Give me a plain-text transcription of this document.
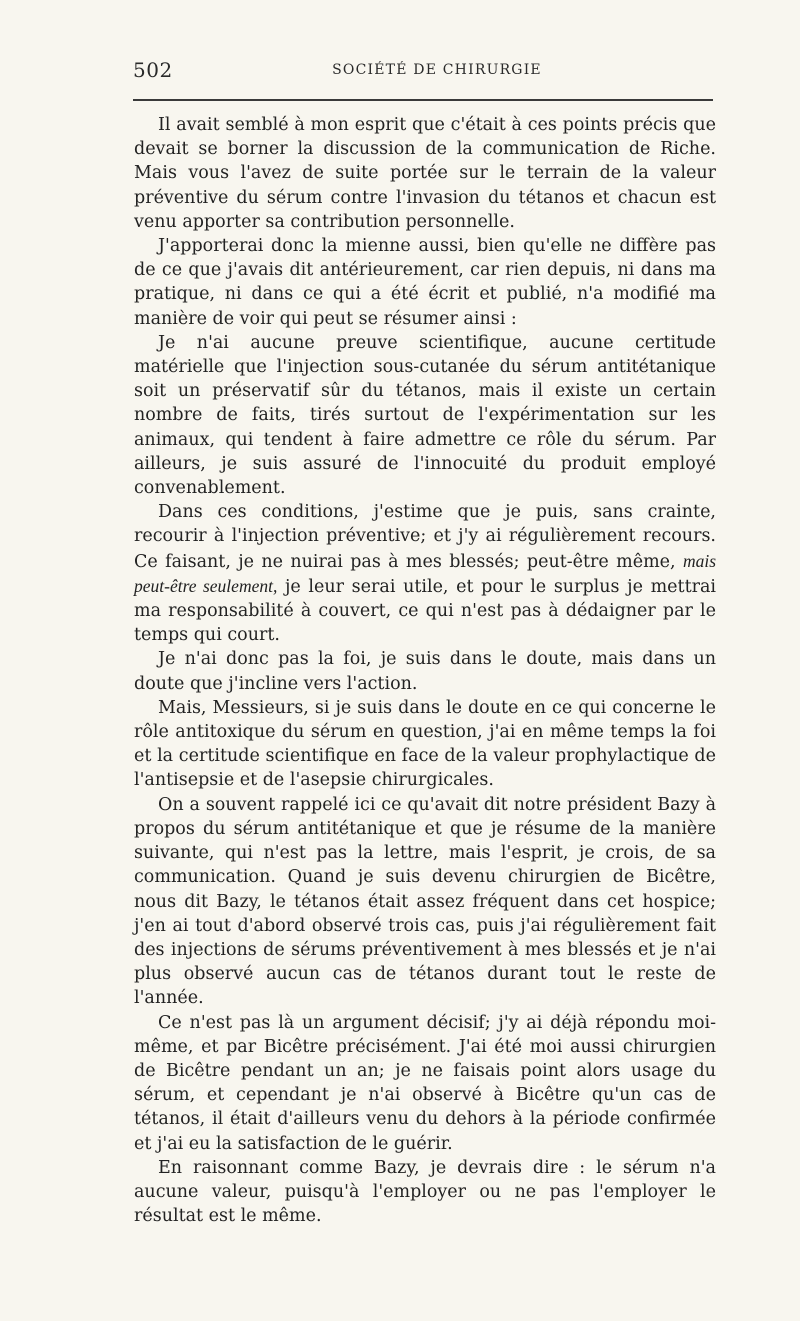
502	SOCIÉTÉ DE CHIRURGIE

Il avait semblé à mon esprit que c'était à ces points précis que devait se borner la discussion de la communication de Riche. Mais vous l'avez de suite portée sur le terrain de la valeur préventive du sérum contre l'invasion du tétanos et chacun est venu apporter sa contribution personnelle.

J'apporterai donc la mienne aussi, bien qu'elle ne diffère pas de ce que j'avais dit antérieurement, car rien depuis, ni dans ma pratique, ni dans ce qui a été écrit et publié, n'a modifié ma manière de voir qui peut se résumer ainsi :

Je n'ai aucune preuve scientifique, aucune certitude matérielle que l'injection sous-cutanée du sérum antitétanique soit un préservatif sûr du tétanos, mais il existe un certain nombre de faits, tirés surtout de l'expérimentation sur les animaux, qui tendent à faire admettre ce rôle du sérum. Par ailleurs, je suis assuré de l'innocuité du produit employé convenablement.

Dans ces conditions, j'estime que je puis, sans crainte, recourir à l'injection préventive; et j'y ai régulièrement recours. Ce faisant, je ne nuirai pas à mes blessés; peut-être même, mais peut-être seulement, je leur serai utile, et pour le surplus je mettrai ma responsabilité à couvert, ce qui n'est pas à dédaigner par le temps qui court.

Je n'ai donc pas la foi, je suis dans le doute, mais dans un doute que j'incline vers l'action.

Mais, Messieurs, si je suis dans le doute en ce qui concerne le rôle antitoxique du sérum en question, j'ai en même temps la foi et la certitude scientifique en face de la valeur prophylactique de l'antisepsie et de l'asepsie chirurgicales.

On a souvent rappelé ici ce qu'avait dit notre président Bazy à propos du sérum antitétanique et que je résume de la manière suivante, qui n'est pas la lettre, mais l'esprit, je crois, de sa communication. Quand je suis devenu chirurgien de Bicêtre, nous dit Bazy, le tétanos était assez fréquent dans cet hospice; j'en ai tout d'abord observé trois cas, puis j'ai régulièrement fait des injections de sérums préventivement à mes blessés et je n'ai plus observé aucun cas de tétanos durant tout le reste de l'année.

Ce n'est pas là un argument décisif; j'y ai déjà répondu moi-même, et par Bicêtre précisément. J'ai été moi aussi chirurgien de Bicêtre pendant un an; je ne faisais point alors usage du sérum, et cependant je n'ai observé à Bicêtre qu'un cas de tétanos, il était d'ailleurs venu du dehors à la période confirmée et j'ai eu la satisfaction de le guérir.

En raisonnant comme Bazy, je devrais dire : le sérum n'a aucune valeur, puisqu'à l'employer ou ne pas l'employer le résultat est le même.
